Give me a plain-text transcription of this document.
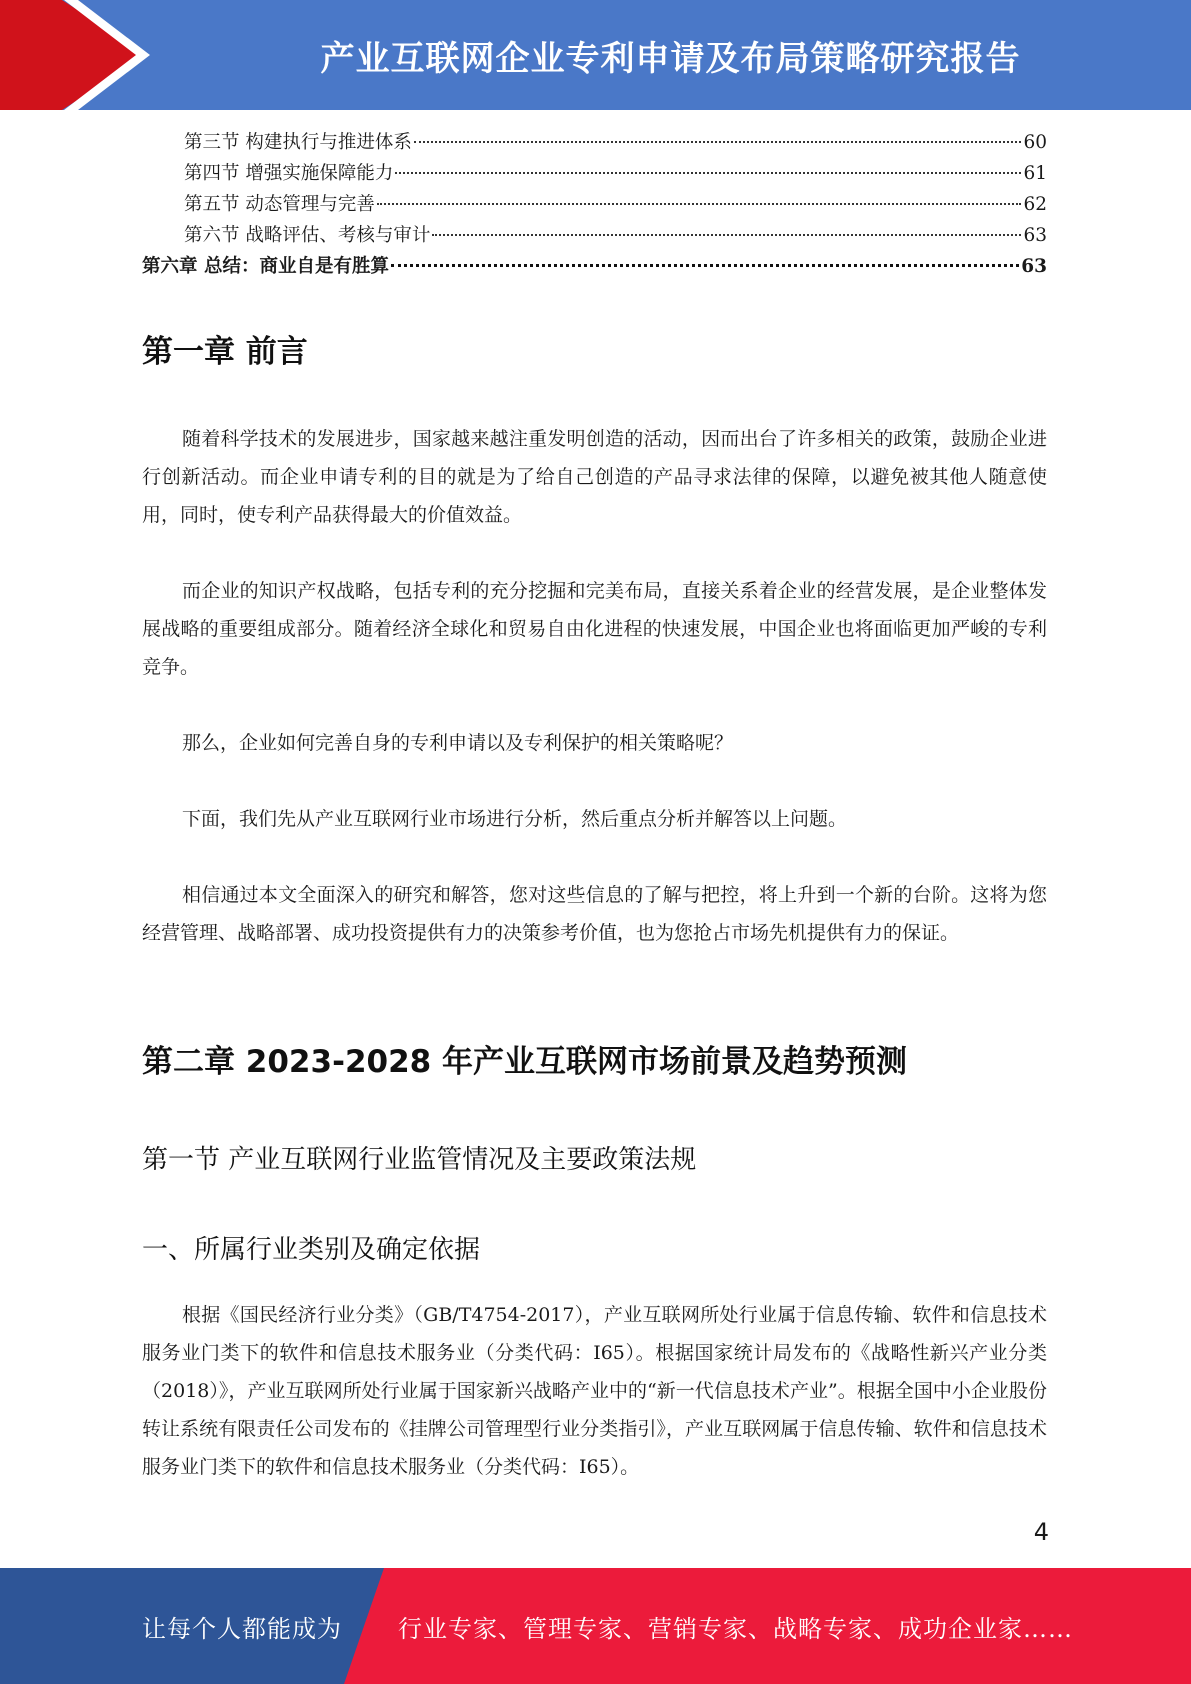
产业互联网企业专利申请及布局策略研究报告
第三节 构建执行与推进体系	60
第四节 增强实施保障能力	61
第五节 动态管理与完善	62
第六节 战略评估、考核与审计	63
第六章 总结：商业自是有胜算	63
第一章 前言

随着科学技术的发展进步，国家越来越注重发明创造的活动，因而出台了许多相关的政策，鼓励企业进行创新活动。而企业申请专利的目的就是为了给自己创造的产品寻求法律的保障，以避免被其他人随意使用，同时，使专利产品获得最大的价值效益。

而企业的知识产权战略，包括专利的充分挖掘和完美布局，直接关系着企业的经营发展，是企业整体发展战略的重要组成部分。随着经济全球化和贸易自由化进程的快速发展，中国企业也将面临更加严峻的专利竞争。

那么，企业如何完善自身的专利申请以及专利保护的相关策略呢？

下面，我们先从产业互联网行业市场进行分析，然后重点分析并解答以上问题。

相信通过本文全面深入的研究和解答，您对这些信息的了解与把控，将上升到一个新的台阶。这将为您经营管理、战略部署、成功投资提供有力的决策参考价值，也为您抢占市场先机提供有力的保证。

第二章 2023-2028 年产业互联网市场前景及趋势预测
第一节 产业互联网行业监管情况及主要政策法规
一、所属行业类别及确定依据

根据《国民经济行业分类》（GB/T4754-2017），产业互联网所处行业属于信息传输、软件和信息技术服务业门类下的软件和信息技术服务业（分类代码：I65）。根据国家统计局发布的《战略性新兴产业分类（2018）》，产业互联网所处行业属于国家新兴战略产业中的“新一代信息技术产业”。根据全国中小企业股份转让系统有限责任公司发布的《挂牌公司管理型行业分类指引》，产业互联网属于信息传输、软件和信息技术服务业门类下的软件和信息技术服务业（分类代码：I65）。

4
让每个人都能成为 行业专家、管理专家、营销专家、战略专家、成功企业家……
